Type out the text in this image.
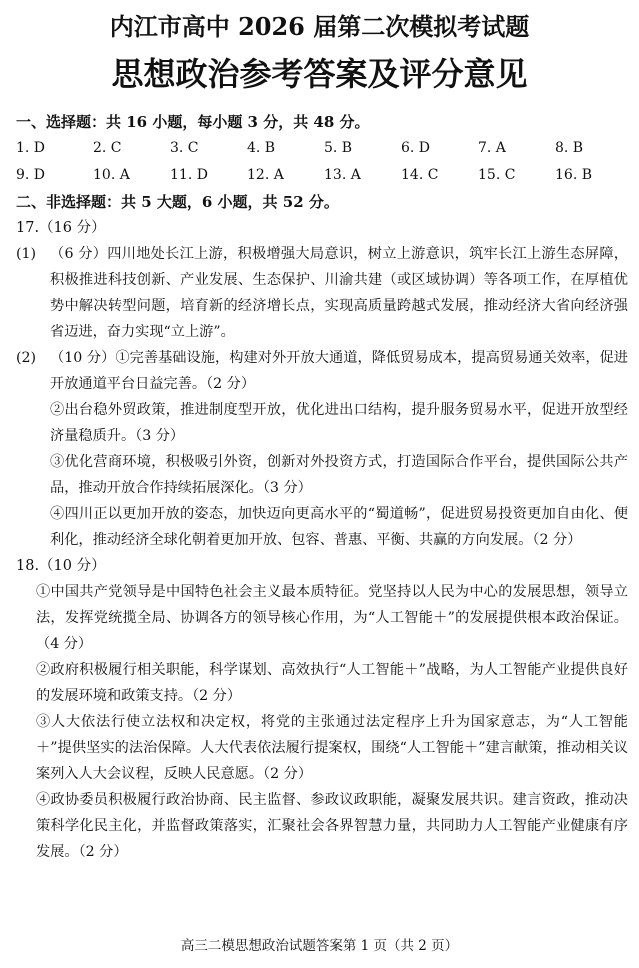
内江市高中 2026 届第二次模拟考试题
思想政治参考答案及评分意见
一、选择题：共 16 小题，每小题 3 分，共 48 分。
1. D	2. C	3. C	4. B	5. B	6. D	7. A	8. B
9. D	10. A	11. D	12. A	13. A	14. C	15. C	16. B
二、非选择题：共 5 大题，6 小题，共 52 分。
17.（16 分）
(1) （6 分）四川地处长江上游，积极增强大局意识，树立上游意识，筑牢长江上游生态屏障，积极推进科技创新、产业发展、生态保护、川渝共建（或区域协调）等各项工作，在厚植优势中解决转型问题，培育新的经济增长点，实现高质量跨越式发展，推动经济大省向经济强省迈进，奋力实现“立上游”。
(2) （10 分）①完善基础设施，构建对外开放大通道，降低贸易成本，提高贸易通关效率，促进开放通道平台日益完善。（2 分）
②出台稳外贸政策，推进制度型开放，优化进出口结构，提升服务贸易水平，促进开放型经济量稳质升。（3 分）
③优化营商环境，积极吸引外资，创新对外投资方式，打造国际合作平台，提供国际公共产品，推动开放合作持续拓展深化。（3 分）
④四川正以更加开放的姿态，加快迈向更高水平的“蜀道畅”，促进贸易投资更加自由化、便利化，推动经济全球化朝着更加开放、包容、普惠、平衡、共赢的方向发展。（2 分）
18.（10 分）
①中国共产党领导是中国特色社会主义最本质特征。党坚持以人民为中心的发展思想，领导立法，发挥党统揽全局、协调各方的领导核心作用，为“人工智能＋”的发展提供根本政治保证。（4 分）
②政府积极履行相关职能，科学谋划、高效执行“人工智能＋”战略，为人工智能产业提供良好的发展环境和政策支持。（2 分）
③人大依法行使立法权和决定权，将党的主张通过法定程序上升为国家意志，为“人工智能＋”提供坚实的法治保障。人大代表依法履行提案权，围绕“人工智能＋”建言献策，推动相关议案列入人大会议程，反映人民意愿。（2 分）
④政协委员积极履行政治协商、民主监督、参政议政职能，凝聚发展共识。建言资政，推动决策科学化民主化，并监督政策落实，汇聚社会各界智慧力量，共同助力人工智能产业健康有序发展。（2 分）
高三二模思想政治试题答案第 1 页（共 2 页）
